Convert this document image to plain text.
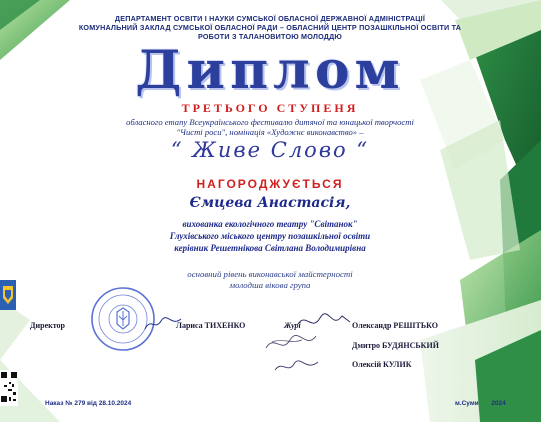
ДЕПАРТАМЕНТ ОСВІТИ І НАУКИ СУМСЬКОЇ ОБЛАСНОЇ ДЕРЖАВНОЇ АДМІНІСТРАЦІЇ
КОМУНАЛЬНИЙ ЗАКЛАД СУМСЬКОЇ ОБЛАСНОЇ РАДИ – ОБЛАСНИЙ ЦЕНТР ПОЗАШКІЛЬНОЇ ОСВІТИ ТА
РОБОТИ З ТАЛАНОВИТОЮ МОЛОДДЮ
Диплом
ТРЕТЬОГО СТУПЕНЯ
обласного етапу Всеукраїнського фестивалю дитячої та юнацької творчості
"Чисті роси", номінація «Художнє виконавство» –
“ Живе Слово “
НАГОРОДЖУЄТЬСЯ
Ємцева Анастасія,
вихованка екологічного театру "Світанок"
Глухівського міського центру позашкільної освіти
керівник Решетнікова Світлана Володимирівна
основний рівень виконавської майстерності
молодша вікова група
Директор	Лариса ТИХЕНКО	Журі	Олександр РЕШІТЬКО
Дмитро БУДЯНСЬКИЙ
Олексій КУЛИК
Наказ № 279 від 28.10.2024	м.Суми       2024
